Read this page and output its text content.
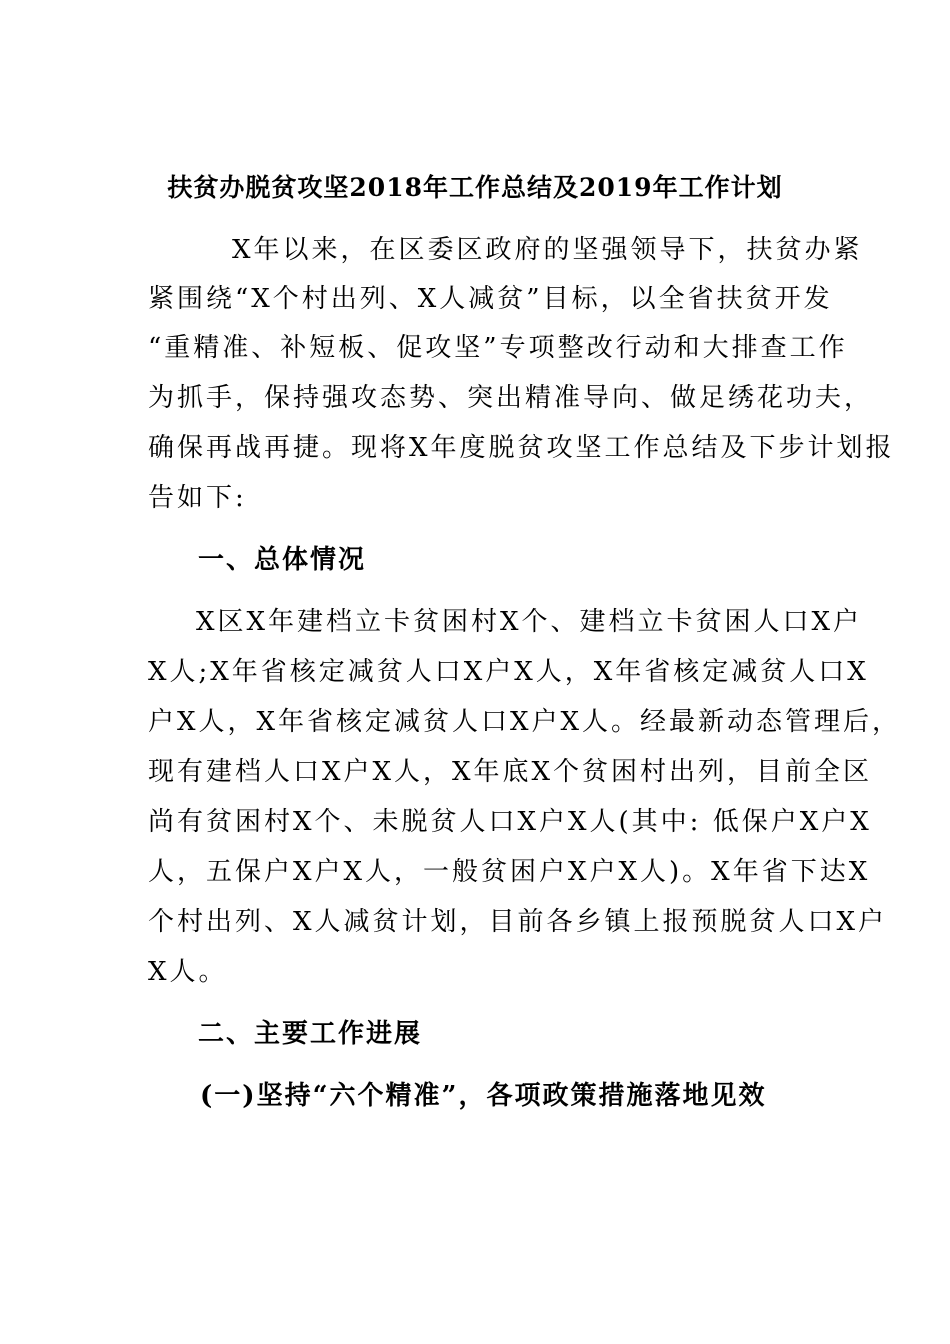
扶贫办脱贫攻坚2018年工作总结及2019年工作计划
X年以来，在区委区政府的坚强领导下，扶贫办紧
紧围绕“X个村出列、X人减贫”目标，以全省扶贫开发
“重精准、补短板、促攻坚”专项整改行动和大排查工作
为抓手，保持强攻态势、突出精准导向、做足绣花功夫，
确保再战再捷。现将X年度脱贫攻坚工作总结及下步计划报
告如下:
一、总体情况
X区X年建档立卡贫困村X个、建档立卡贫困人口X户
X人;X年省核定减贫人口X户X人，X年省核定减贫人口X
户X人，X年省核定减贫人口X户X人。经最新动态管理后，
现有建档人口X户X人，X年底X个贫困村出列，目前全区
尚有贫困村X个、未脱贫人口X户X人(其中: 低保户X户X
人，五保户X户X人，一般贫困户X户X人)。X年省下达X
个村出列、X人减贫计划，目前各乡镇上报预脱贫人口X户
X人。
二、主要工作进展
(一)坚持“六个精准”，各项政策措施落地见效
